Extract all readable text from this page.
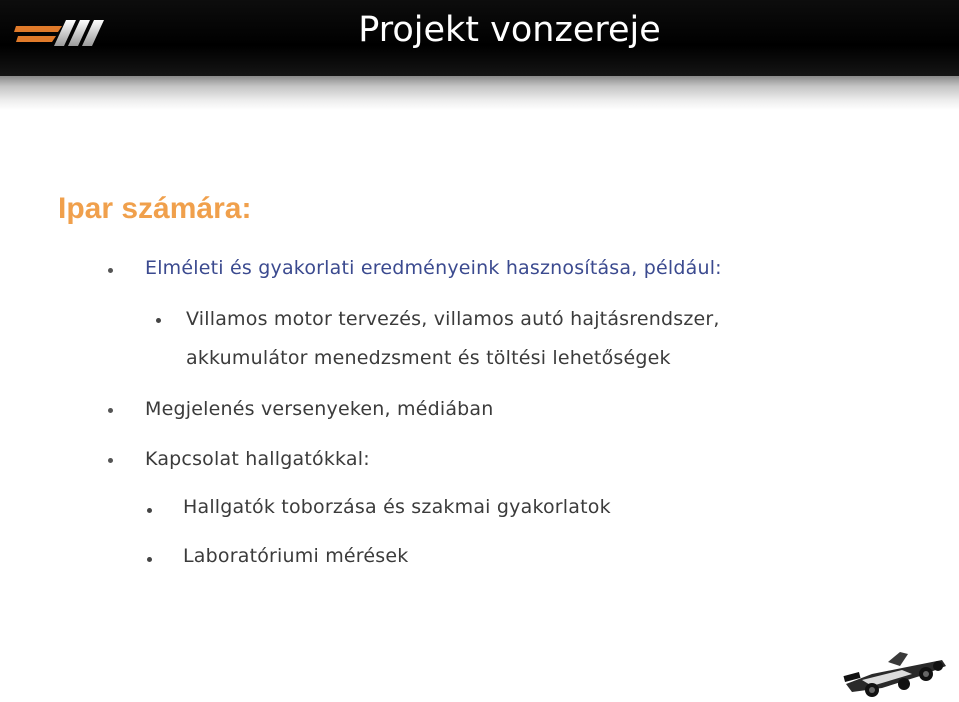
Projekt vonzereje
Ipar számára:
Elméleti és gyakorlati eredményeink hasznosítása, például:
Villamos motor tervezés, villamos autó hajtásrendszer,
akkumulátor menedzsment és töltési lehetőségek
Megjelenés versenyeken, médiában
Kapcsolat hallgatókkal:
Hallgatók toborzása és szakmai gyakorlatok
Laboratóriumi mérések
